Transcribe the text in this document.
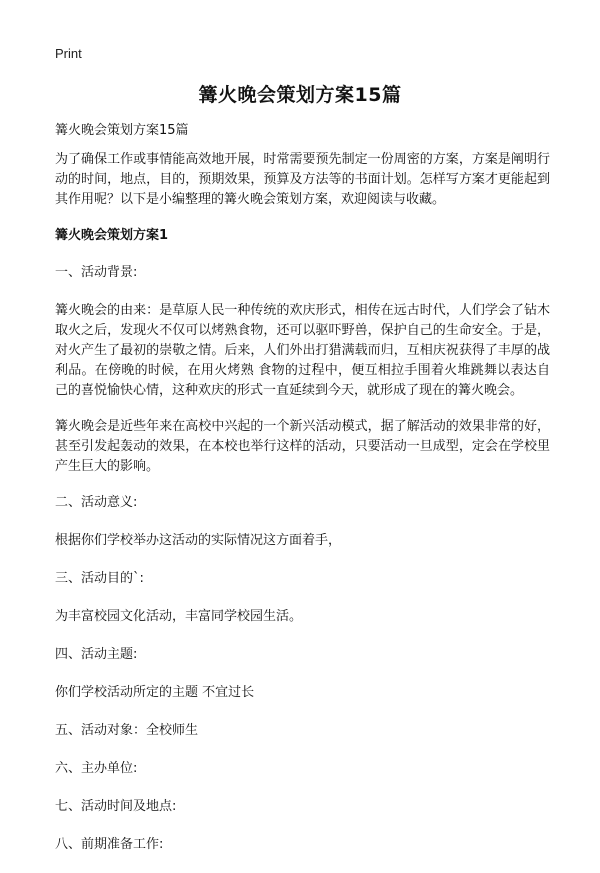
Print
篝火晚会策划方案15篇

篝火晚会策划方案15篇

为了确保工作或事情能高效地开展，时常需要预先制定一份周密的方案，方案是阐明行动的时间，地点，目的，预期效果，预算及方法等的书面计划。怎样写方案才更能起到其作用呢？以下是小编整理的篝火晚会策划方案，欢迎阅读与收藏。

篝火晚会策划方案1

一、活动背景:

篝火晚会的由来：是草原人民一种传统的欢庆形式，相传在远古时代，人们学会了钻木取火之后，发现火不仅可以烤熟食物，还可以驱吓野兽，保护自己的生命安全。于是，对火产生了最初的崇敬之情。后来，人们外出打猎满载而归，互相庆祝获得了丰厚的战利品。在傍晚的时候，在用火烤熟 食物的过程中，便互相拉手围着火堆跳舞以表达自己的喜悦愉快心情，这种欢庆的形式一直延续到今天，就形成了现在的篝火晚会。

篝火晚会是近些年来在高校中兴起的一个新兴活动模式，据了解活动的效果非常的好，甚至引发起轰动的效果，在本校也举行这样的活动，只要活动一旦成型，定会在学校里产生巨大的影响。

二、活动意义:

根据你们学校举办这活动的实际情况这方面着手，

三、活动目的`:

为丰富校园文化活动，丰富同学校园生活。

四、活动主题:

你们学校活动所定的主题 不宜过长

五、活动对象：全校师生

六、主办单位:

七、活动时间及地点:

八、前期准备工作:
